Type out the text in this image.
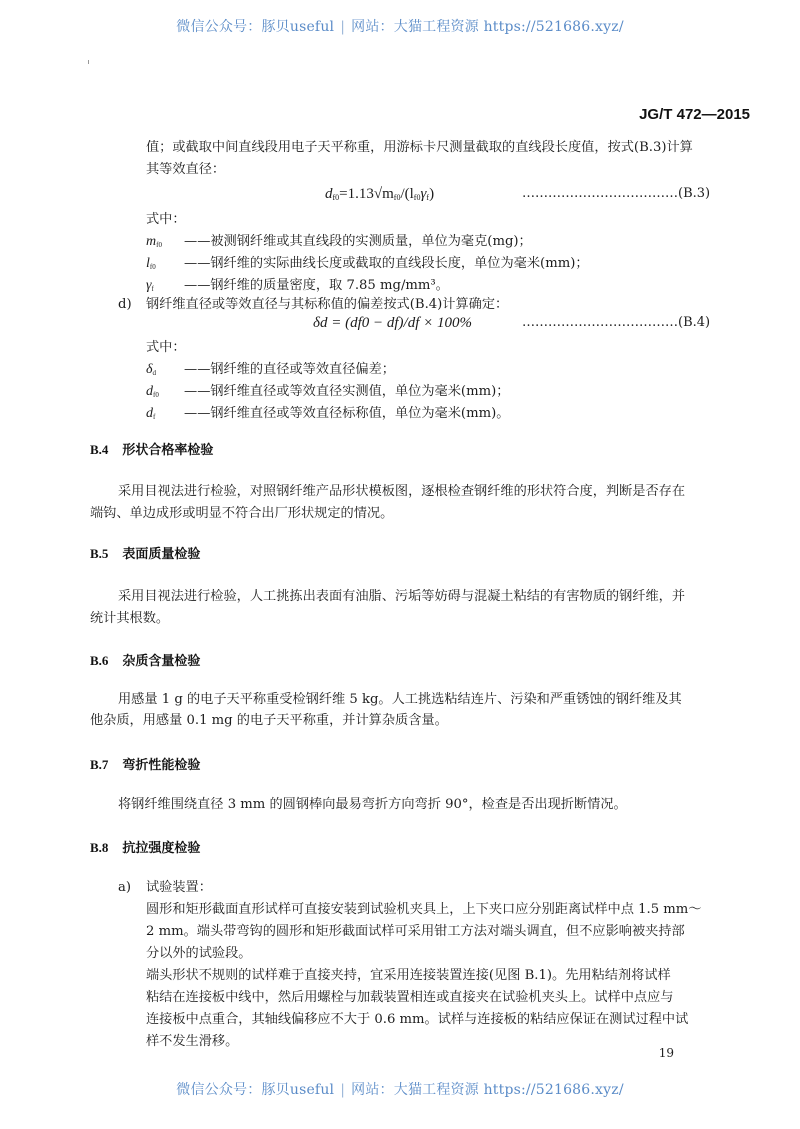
微信公众号：豚贝useful | 网站：大猫工程资源 https://521686.xyz/
JG/T 472—2015
值；或截取中间直线段用电子天平称重，用游标卡尺测量截取的直线段长度值，按式(B.3)计算
其等效直径：
$d_{f0}=1.13√m_{f0}/(l_{f0}\gamma_f)$	………………………………(B.3)
式中：
$m_{f0}$ ——被测钢纤维或其直线段的实测质量，单位为毫克(mg)；
$l_{f0}$ ——钢纤维的实际曲线长度或截取的直线段长度，单位为毫米(mm)；
$\gamma_f$ ——钢纤维的质量密度，取 7.85 mg/mm³。
d) 钢纤维直径或等效直径与其标称值的偏差按式(B.4)计算确定：
δd = (df0 − df)/df × 100%	………………………………(B.4)
式中：
$\delta_d$ ——钢纤维的直径或等效直径偏差；
$d_{f0}$ ——钢纤维直径或等效直径实测值，单位为毫米(mm)；
$d_f$ ——钢纤维直径或等效直径标称值，单位为毫米(mm)。
B.4 形状合格率检验
采用目视法进行检验，对照钢纤维产品形状模板图，逐根检查钢纤维的形状符合度，判断是否存在
端钩、单边成形或明显不符合出厂形状规定的情况。
B.5 表面质量检验
采用目视法进行检验，人工挑拣出表面有油脂、污垢等妨碍与混凝土粘结的有害物质的钢纤维，并
统计其根数。
B.6 杂质含量检验
用感量 1 g 的电子天平称重受检钢纤维 5 kg。人工挑选粘结连片、污染和严重锈蚀的钢纤维及其
他杂质，用感量 0.1 mg 的电子天平称重，并计算杂质含量。
B.7 弯折性能检验
将钢纤维围绕直径 3 mm 的圆钢棒向最易弯折方向弯折 90°，检查是否出现折断情况。
B.8 抗拉强度检验
a) 试验装置：
圆形和矩形截面直形试样可直接安装到试验机夹具上，上下夹口应分别距离试样中点 1.5 mm～
2 mm。端头带弯钩的圆形和矩形截面试样可采用钳工方法对端头调直，但不应影响被夹持部
分以外的试验段。
端头形状不规则的试样难于直接夹持，宜采用连接装置连接(见图 B.1)。先用粘结剂将试样
粘结在连接板中线中，然后用螺栓与加载装置相连或直接夹在试验机夹头上。试样中点应与
连接板中点重合，其轴线偏移应不大于 0.6 mm。试样与连接板的粘结应保证在测试过程中试
样不发生滑移。
19
微信公众号：豚贝useful | 网站：大猫工程资源 https://521686.xyz/
